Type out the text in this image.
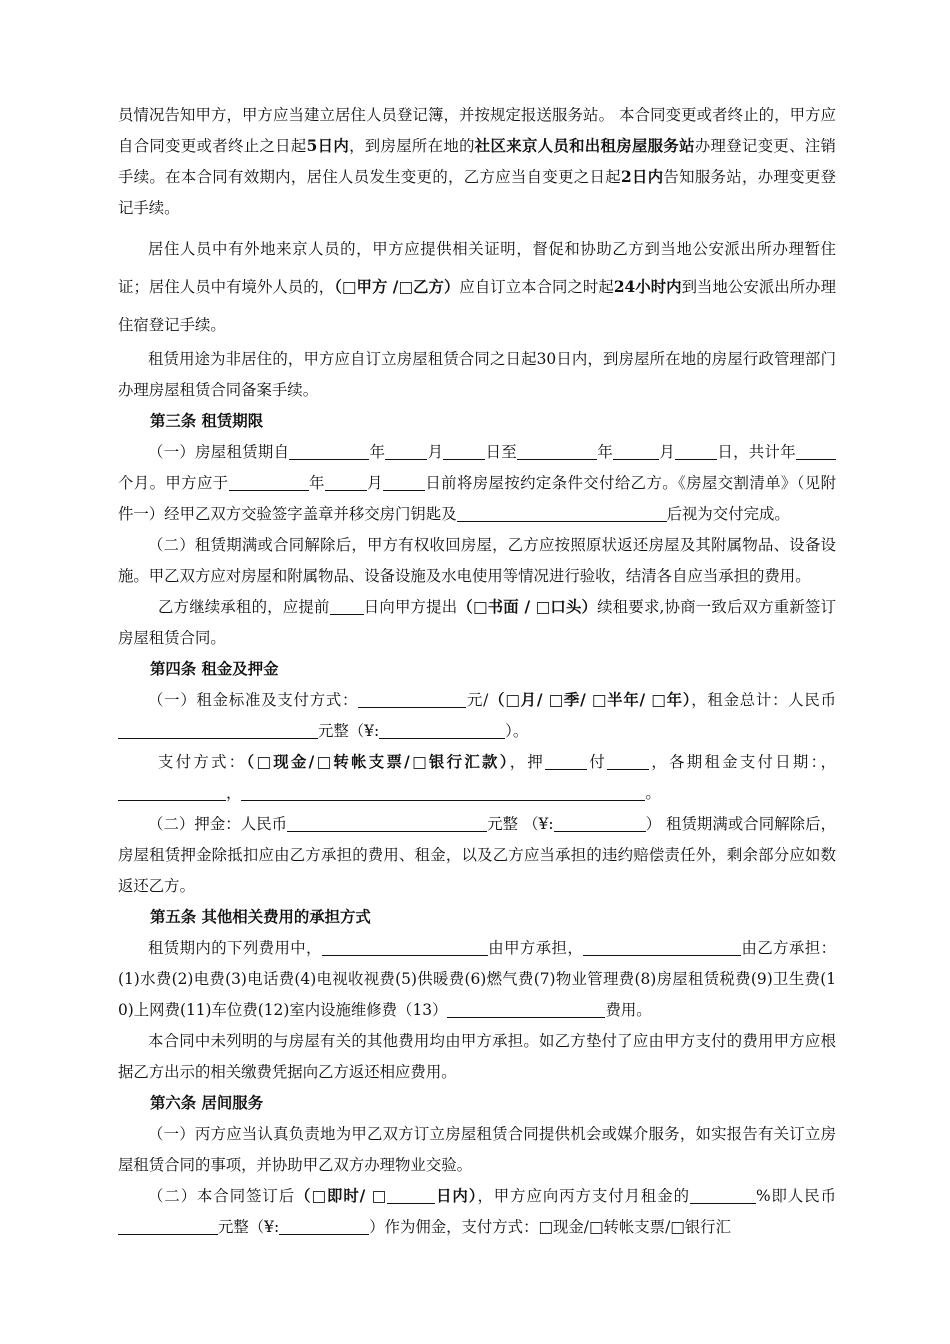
员情况告知甲方，甲方应当建立居住人员登记簿，并按规定报送服务站。 本合同变更或者终止的，甲方应自合同变更或者终止之日起5日内，到房屋所在地的社区来京人员和出租房屋服务站办理登记变更、注销手续。在本合同有效期内，居住人员发生变更的，乙方应当自变更之日起2日内告知服务站，办理变更登记手续。

居住人员中有外地来京人员的，甲方应提供相关证明，督促和协助乙方到当地公安派出所办理暂住证；居住人员中有境外人员的，（□甲方 /□乙方）应自订立本合同之时起24小时内到当地公安派出所办理住宿登记手续。

租赁用途为非居住的，甲方应自订立房屋租赁合同之日起30日内，到房屋所在地的房屋行政管理部门办理房屋租赁合同备案手续。

第三条 租赁期限

（一）房屋租赁期自	年	月	日至	年	月	日，共计年个月。甲方应于	年	月	日前将房屋按约定条件交付给乙方。《房屋交割清单》（见附件一）经甲乙双方交验签字盖章并移交房门钥匙及	后视为交付完成。

（二）租赁期满或合同解除后，甲方有权收回房屋，乙方应按照原状返还房屋及其附属物品、设备设施。甲乙双方应对房屋和附属物品、设备设施及水电使用等情况进行验收，结清各自应当承担的费用。

乙方继续承租的，应提前 日向甲方提出（□书面 / □口头）续租要求,协商一致后双方重新签订房屋租赁合同。

第四条 租金及押金

（一）租金标准及支付方式：	元/（□月/ □季/ □半年/ □年），租金总计：人民币元整（¥:	）。

支付方式：（□现金/□转帐支票/□银行汇款），押	付	，各期租金支付日期：，，	。

（二）押金：人民币	元整 （¥:	） 租赁期满或合同解除后，房屋租赁押金除抵扣应由乙方承担的费用、租金，以及乙方应当承担的违约赔偿责任外，剩余部分应如数返还乙方。

第五条 其他相关费用的承担方式

租赁期内的下列费用中，	由甲方承担，	由乙方承担：(1)水费(2)电费(3)电话费(4)电视收视费(5)供暖费(6)燃气费(7)物业管理费(8)房屋租赁税费(9)卫生费(10)上网费(11)车位费(12)室内设施维修费（13）	费用。

本合同中未列明的与房屋有关的其他费用均由甲方承担。如乙方垫付了应由甲方支付的费用甲方应根据乙方出示的相关缴费凭据向乙方返还相应费用。

第六条 居间服务

（一）丙方应当认真负责地为甲乙双方订立房屋租赁合同提供机会或媒介服务，如实报告有关订立房屋租赁合同的事项，并协助甲乙双方办理物业交验。

（二）本合同签订后（□即时/ □	日内），甲方应向丙方支付月租金的	%即人民币元整（¥:	）作为佣金，支付方式：□现金/□转帐支票/□银行汇
